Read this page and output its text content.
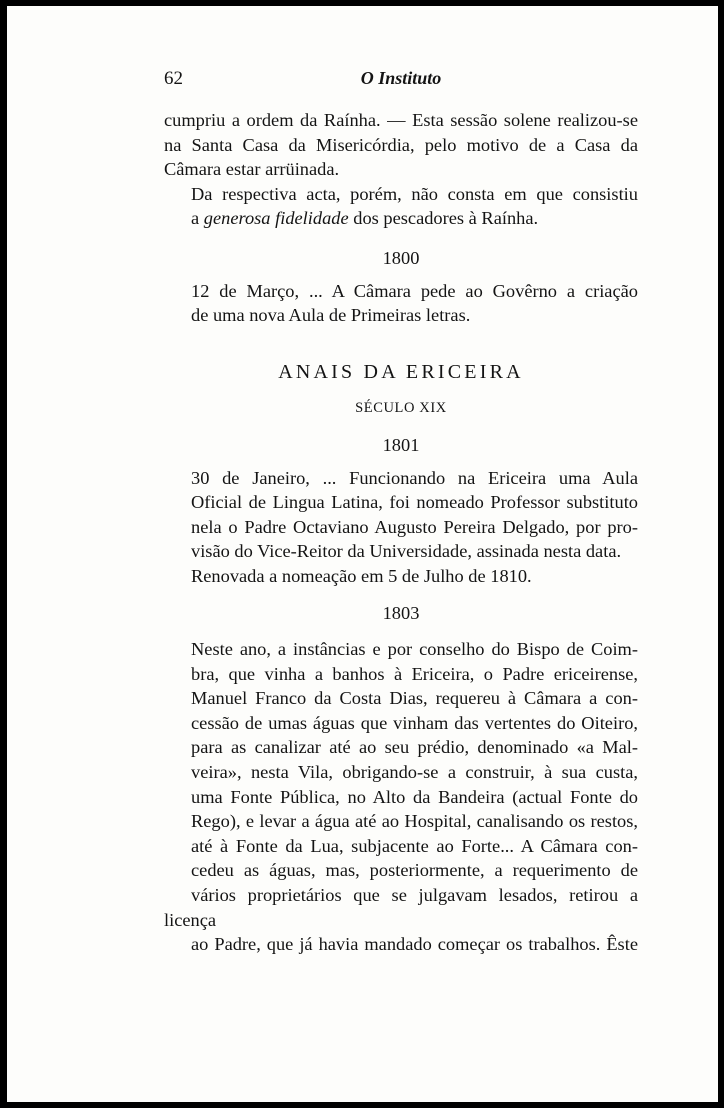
62	O Instituto

cumpriu a ordem da Raínha. — Esta sessão solene realizou-se
na Santa Casa da Misericórdia, pelo motivo de a Casa da
Câmara estar arrüinada.

Da respectiva acta, porém, não consta em que consistiu
a generosa fidelidade dos pescadores à Raínha.

1800

12 de Março, ... A Câmara pede ao Govêrno a criação
de uma nova Aula de Primeiras letras.

ANAIS DA ERICEIRA

SÉCULO XIX

1801

30 de Janeiro, ... Funcionando na Ericeira uma Aula
Oficial de Lingua Latina, foi nomeado Professor substituto
nela o Padre Octaviano Augusto Pereira Delgado, por pro-
visão do Vice-Reitor da Universidade, assinada nesta data.

Renovada a nomeação em 5 de Julho de 1810.

1803

Neste ano, a instâncias e por conselho do Bispo de Coim-
bra, que vinha a banhos à Ericeira, o Padre ericeirense,
Manuel Franco da Costa Dias, requereu à Câmara a con-
cessão de umas águas que vinham das vertentes do Oiteiro,
para as canalizar até ao seu prédio, denominado «a Mal-
veira», nesta Vila, obrigando-se a construir, à sua custa,
uma Fonte Pública, no Alto da Bandeira (actual Fonte do
Rego), e levar a água até ao Hospital, canalisando os restos,
até à Fonte da Lua, subjacente ao Forte... A Câmara con-
cedeu as águas, mas, posteriormente, a requerimento de
vários proprietários que se julgavam lesados, retirou a licença
ao Padre, que já havia mandado começar os trabalhos. Êste
